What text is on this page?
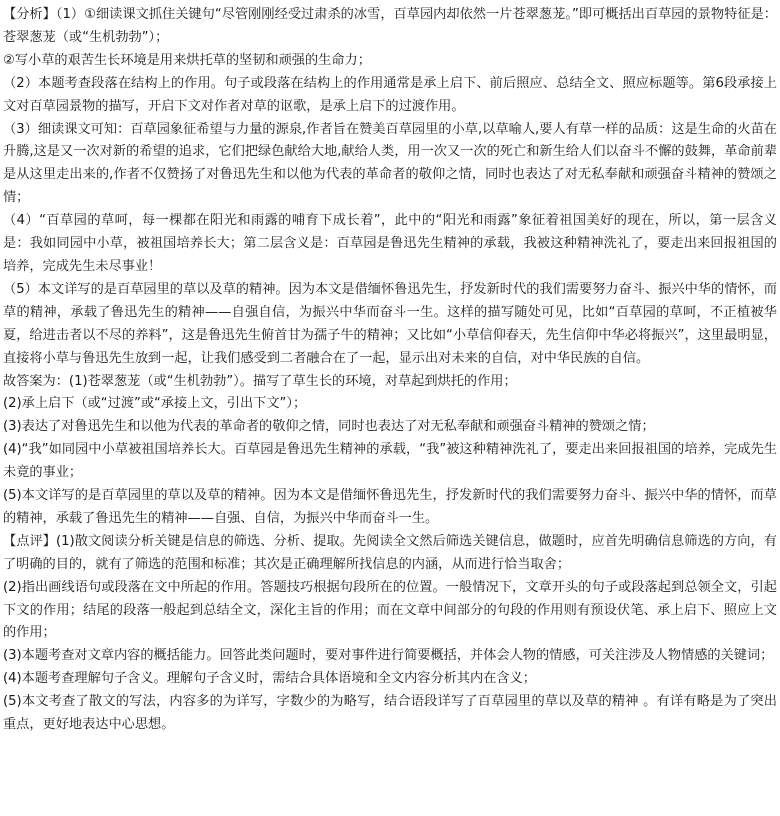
【分析】（1）①细读课文抓住关键句“尽管刚刚经受过肃杀的冰雪，百草园内却依然一片苍翠葱茏。”即可概括出百草园的景物特征是：苍翠葱茏（或“生机勃勃”）；

②写小草的艰苦生长环境是用来烘托草的坚韧和顽强的生命力；

（2）本题考查段落在结构上的作用。句子或段落在结构上的作用通常是承上启下、前后照应、总结全文、照应标题等。第6段承接上文对百草园景物的描写，开启下文对作者对草的讴歌，是承上启下的过渡作用。

（3）细读课文可知：百草园象征希望与力量的源泉,作者旨在赞美百草园里的小草,以草喻人,要人有草一样的品质：这是生命的火苗在升腾,这是又一次对新的希望的追求，它们把绿色献给大地,献给人类，用一次又一次的死亡和新生给人们以奋斗不懈的鼓舞，革命前辈是从这里走出来的,作者不仅赞扬了对鲁迅先生和以他为代表的革命者的敬仰之情，同时也表达了对无私奉献和顽强奋斗精神的赞颂之情；

（4）“百草园的草呵，每一棵都在阳光和雨露的哺育下成长着”，此中的“阳光和雨露”象征着祖国美好的现在，所以，第一层含义是：我如同园中小草，被祖国培养长大；第二层含义是：百草园是鲁迅先生精神的承载，我被这种精神洗礼了，要走出来回报祖国的培养，完成先生未尽事业！

（5）本文详写的是百草园里的草以及草的精神。因为本文是借缅怀鲁迅先生，抒发新时代的我们需要努力奋斗、振兴中华的情怀，而草的精神，承载了鲁迅先生的精神——自强自信，为振兴中华而奋斗一生。这样的描写随处可见，比如“百草园的草呵，不正植被华夏，给进击者以不尽的养料”，这是鲁迅先生俯首甘为孺子牛的精神；又比如“小草信仰春天，先生信仰中华必将振兴”，这里最明显，直接将小草与鲁迅先生放到一起，让我们感受到二者融合在了一起，显示出对未来的自信，对中华民族的自信。

故答案为：(1)苍翠葱茏（或“生机勃勃”）。描写了草生长的环境，对草起到烘托的作用；

(2)承上启下（或“过渡”或“承接上文，引出下文”）；

(3)表达了对鲁迅先生和以他为代表的革命者的敬仰之情，同时也表达了对无私奉献和顽强奋斗精神的赞颂之情；

(4)“我”如同园中小草被祖国培养长大。百草园是鲁迅先生精神的承载，“我”被这种精神洗礼了，要走出来回报祖国的培养，完成先生未竟的事业；

(5)本文详写的是百草园里的草以及草的精神。因为本文是借缅怀鲁迅先生，抒发新时代的我们需要努力奋斗、振兴中华的情怀，而草的精神，承载了鲁迅先生的精神——自强、自信，为振兴中华而奋斗一生。

【点评】(1)散文阅读分析关键是信息的筛选、分析、提取。先阅读全文然后筛选关键信息，做题时，应首先明确信息筛选的方向，有了明确的目的，就有了筛选的范围和标准；其次是正确理解所找信息的内涵，从而进行恰当取舍；

(2)指出画线语句或段落在文中所起的作用。答题技巧根据句段所在的位置。一般情况下，文章开头的句子或段落起到总领全文，引起下文的作用；结尾的段落一般起到总结全文，深化主旨的作用；而在文章中间部分的句段的作用则有预设伏笔、承上启下、照应上文的作用；

(3)本题考查对文章内容的概括能力。回答此类问题时，要对事件进行简要概括，并体会人物的情感，可关注涉及人物情感的关键词；

(4)本题考查理解句子含义。理解句子含义时，需结合具体语境和全文内容分析其内在含义；

(5)本文考查了散文的写法，内容多的为详写，字数少的为略写，结合语段详写了百草园里的草以及草的精神 。有详有略是为了突出重点，更好地表达中心思想。
